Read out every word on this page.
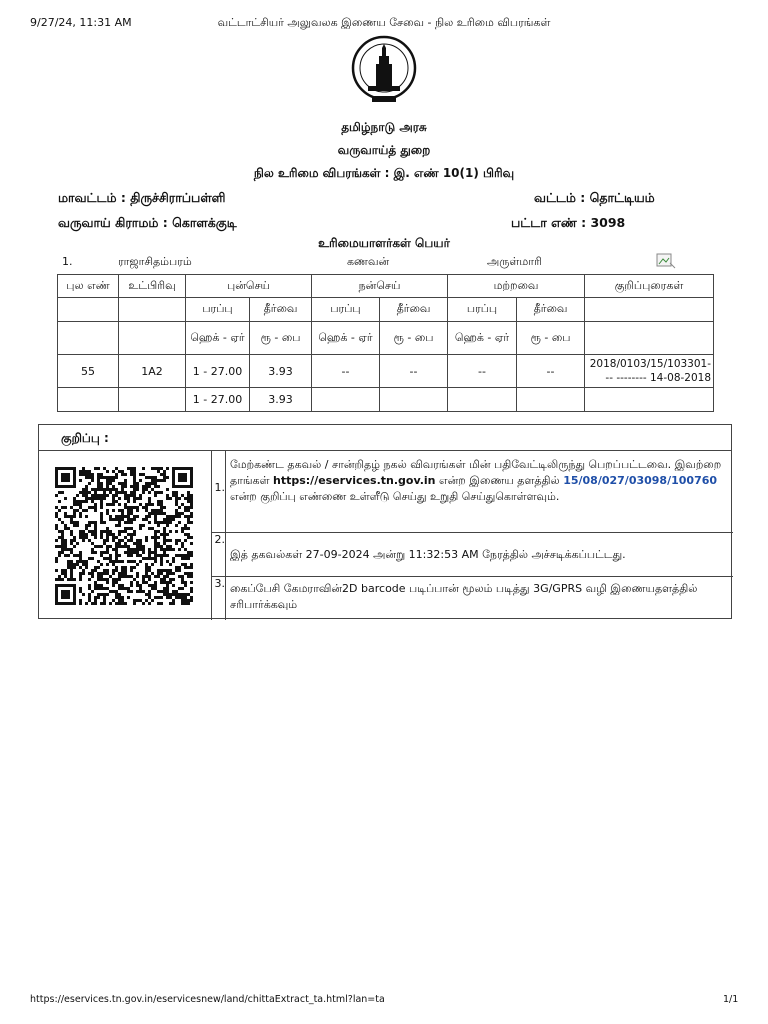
9/27/24, 11:31 AM	வட்டாட்சியர் அலுவலக இணைய சேவை - நில உரிமை விபரங்கள்
தமிழ்நாடு அரசு
வருவாய்த் துறை
நில உரிமை விபரங்கள் : இ. எண் 10(1) பிரிவு
மாவட்டம் : திருச்சிராப்பள்ளி	வட்டம் : தொட்டியம்
வருவாய் கிராமம் : கொளக்குடி	பட்டா எண் : 3098
உரிமையாளர்கள் பெயர்
1.	ராஜாசிதம்பரம்	கணவன்	அருள்மாரி
புல எண்	உட்பிரிவு	புன்செய்		நன்செய்		மற்றவை		குறிப்புரைகள்
		பரப்பு	தீர்வை	பரப்பு	தீர்வை	பரப்பு	தீர்வை	
		ஹெக் - ஏர்	ரூ - பை	ஹெக் - ஏர்	ரூ - பை	ஹெக் - ஏர்	ரூ - பை	
55	1A2	1 - 27.00	3.93	--	--	--	--	2018/0103/15/103301-
-- -------- 14-08-2018
		1 - 27.00	3.93					
குறிப்பு :
1.
மேற்கண்ட தகவல் / சான்றிதழ் நகல் விவரங்கள் மின் பதிவேட்டிலிருந்து பெறப்பட்டவை. இவற்றை தாங்கள் https://eservices.tn.gov.in என்ற இணைய தளத்தில் 15/08/027/03098/100760 என்ற குறிப்பு எண்ணை உள்ளீடு செய்து உறுதி செய்துகொள்ளவும்.
2.
இத் தகவல்கள் 27-09-2024 அன்று 11:32:53 AM நேரத்தில் அச்சடிக்கப்பட்டது.
3. கைப்பேசி கேமராவின்2D barcode படிப்பான் மூலம் படித்து 3G/GPRS வழி இணையதளத்தில் சரிபார்க்கவும்
https://eservices.tn.gov.in/eservicesnew/land/chittaExtract_ta.html?lan=ta	1/1
